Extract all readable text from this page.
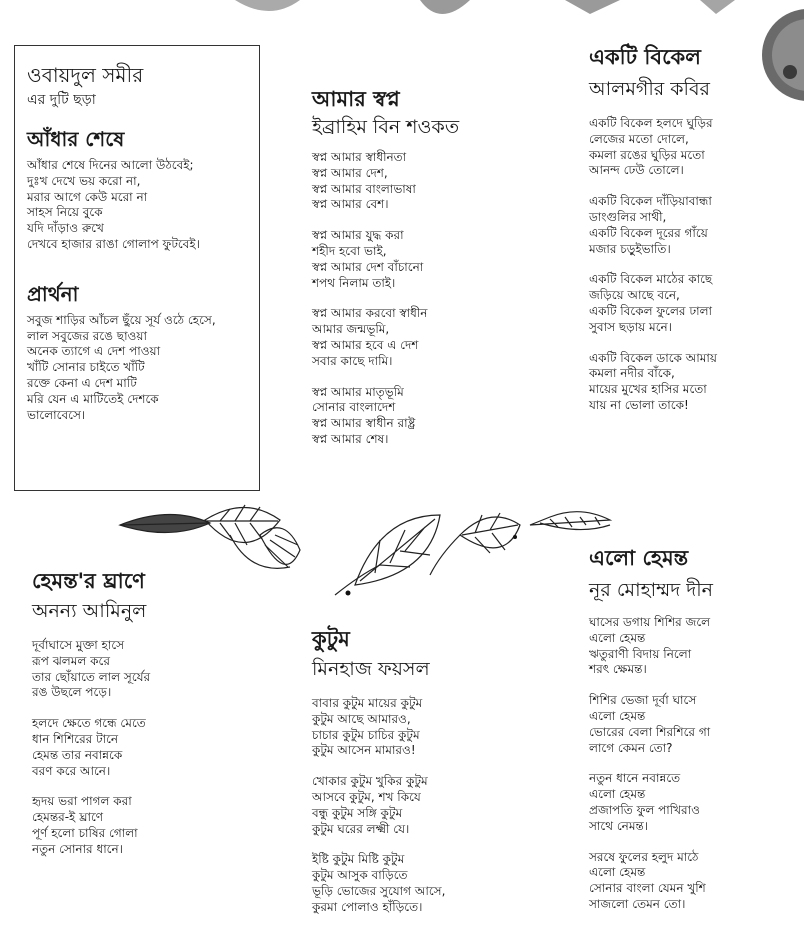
ওবায়দুল সমীর
এর দুটি ছড়া
আঁধার শেষে
আঁধার শেষে দিনের আলো উঠবেই;
দুঃখ দেখে ভয় করো না,
মরার আগে কেউ মরো না
সাহস নিয়ে বুকে
যদি দাঁড়াও রুখে
দেখবে হাজার রাঙা গোলাপ ফুটবেই।
প্রার্থনা
সবুজ শাড়ির আঁচল ছুঁয়ে সূর্য ওঠে হেসে,
লাল সবুজের রঙে ছাওয়া
অনেক ত্যাগে এ দেশ পাওয়া
খাঁটি সোনার চাইতে খাঁটি
রক্তে কেনা এ দেশ মাটি
মরি যেন এ মাটিতেই দেশকে
ভালোবেসে।
আমার স্বপ্ন
ইব্রাহিম বিন শওকত
স্বপ্ন আমার স্বাধীনতা
স্বপ্ন আমার দেশ,
স্বপ্ন আমার বাংলাভাষা
স্বপ্ন আমার বেশ।
স্বপ্ন আমার যুদ্ধ করা
শহীদ হবো ভাই,
স্বপ্ন আমার দেশ বাঁচানো
শপথ নিলাম তাই।
স্বপ্ন আমার করবো স্বাধীন
আমার জন্মভূমি,
স্বপ্ন আমার হবে এ দেশ
সবার কাছে দামি।
স্বপ্ন আমার মাতৃভূমি
সোনার বাংলাদেশ
স্বপ্ন আমার স্বাধীন রাষ্ট্র
স্বপ্ন আমার শেষ।
একটি বিকেল
আলমগীর কবির
একটি বিকেল হলদে ঘুড়ির
লেজের মতো দোলে,
কমলা রঙের ঘুড়ির মতো
আনন্দ ঢেউ তোলে।
একটি বিকেল দাঁড়িয়াবান্ধা
ডাংগুলির সাথী,
একটি বিকেল দূরের গাঁয়ে
মজার চড়ুইভাতি।
একটি বিকেল মাঠের কাছে
জড়িয়ে আছে বনে,
একটি বিকেল ফুলের ঢালা
সুবাস ছড়ায় মনে।
একটি বিকেল ডাকে আমায়
কমলা নদীর বাঁকে,
মায়ের মুখের হাসির মতো
যায় না ভোলা তাকে!
হেমন্ত'র ঘ্রাণে
অনন্য আমিনুল
দূর্বাঘাসে মুক্তা হাসে
রূপ ঝলমল করে
তার ছোঁয়াতে লাল সূর্যের
রঙ উছলে পড়ে।
হলদে ক্ষেতে গন্ধে মেতে
ধান শিশিরের টানে
হেমন্ত তার নবান্নকে
বরণ করে আনে।
হৃদয় ভরা পাগল করা
হেমন্তর-ই ঘ্রাণে
পূর্ণ হলো চাষির গোলা
নতুন সোনার ধানে।
কুটুম
মিনহাজ ফয়সল
বাবার কুটুম মায়ের কুটুম
কুটুম আছে আমারও,
চাচার কুটুম চাচির কুটুম
কুটুম আসেন মামারও!
খোকার কুটুম খুকির কুটুম
আসবে কুটুম, শখ কিযে
বন্ধু কুটুম সঙ্গি কুটুম
কুটুম ঘরের লক্ষ্মী যে।
ইষ্টি কুটুম মিষ্টি কুটুম
কুটুম আসুক বাড়িতে
ভূড়ি ভোজের সুযোগ আসে,
কুরমা পোলাও হাঁড়িতে।
এলো হেমন্ত
নূর মোহাম্মদ দীন
ঘাসের ডগায় শিশির জলে
এলো হেমন্ত
ঋতুরাণী বিদায় নিলো
শরৎ ক্ষেমন্ত।
শিশির ভেজা দূর্বা ঘাসে
এলো হেমন্ত
ভোরের বেলা শিরশিরে গা
লাগে কেমন তো?
নতুন ধানে নবান্নতে
এলো হেমন্ত
প্রজাপতি ফুল পাখিরাও
সাথে নেমন্ত।
সরষে ফুলের হলুদ মাঠে
এলো হেমন্ত
সোনার বাংলা যেমন খুশি
সাজলো তেমন তো।
